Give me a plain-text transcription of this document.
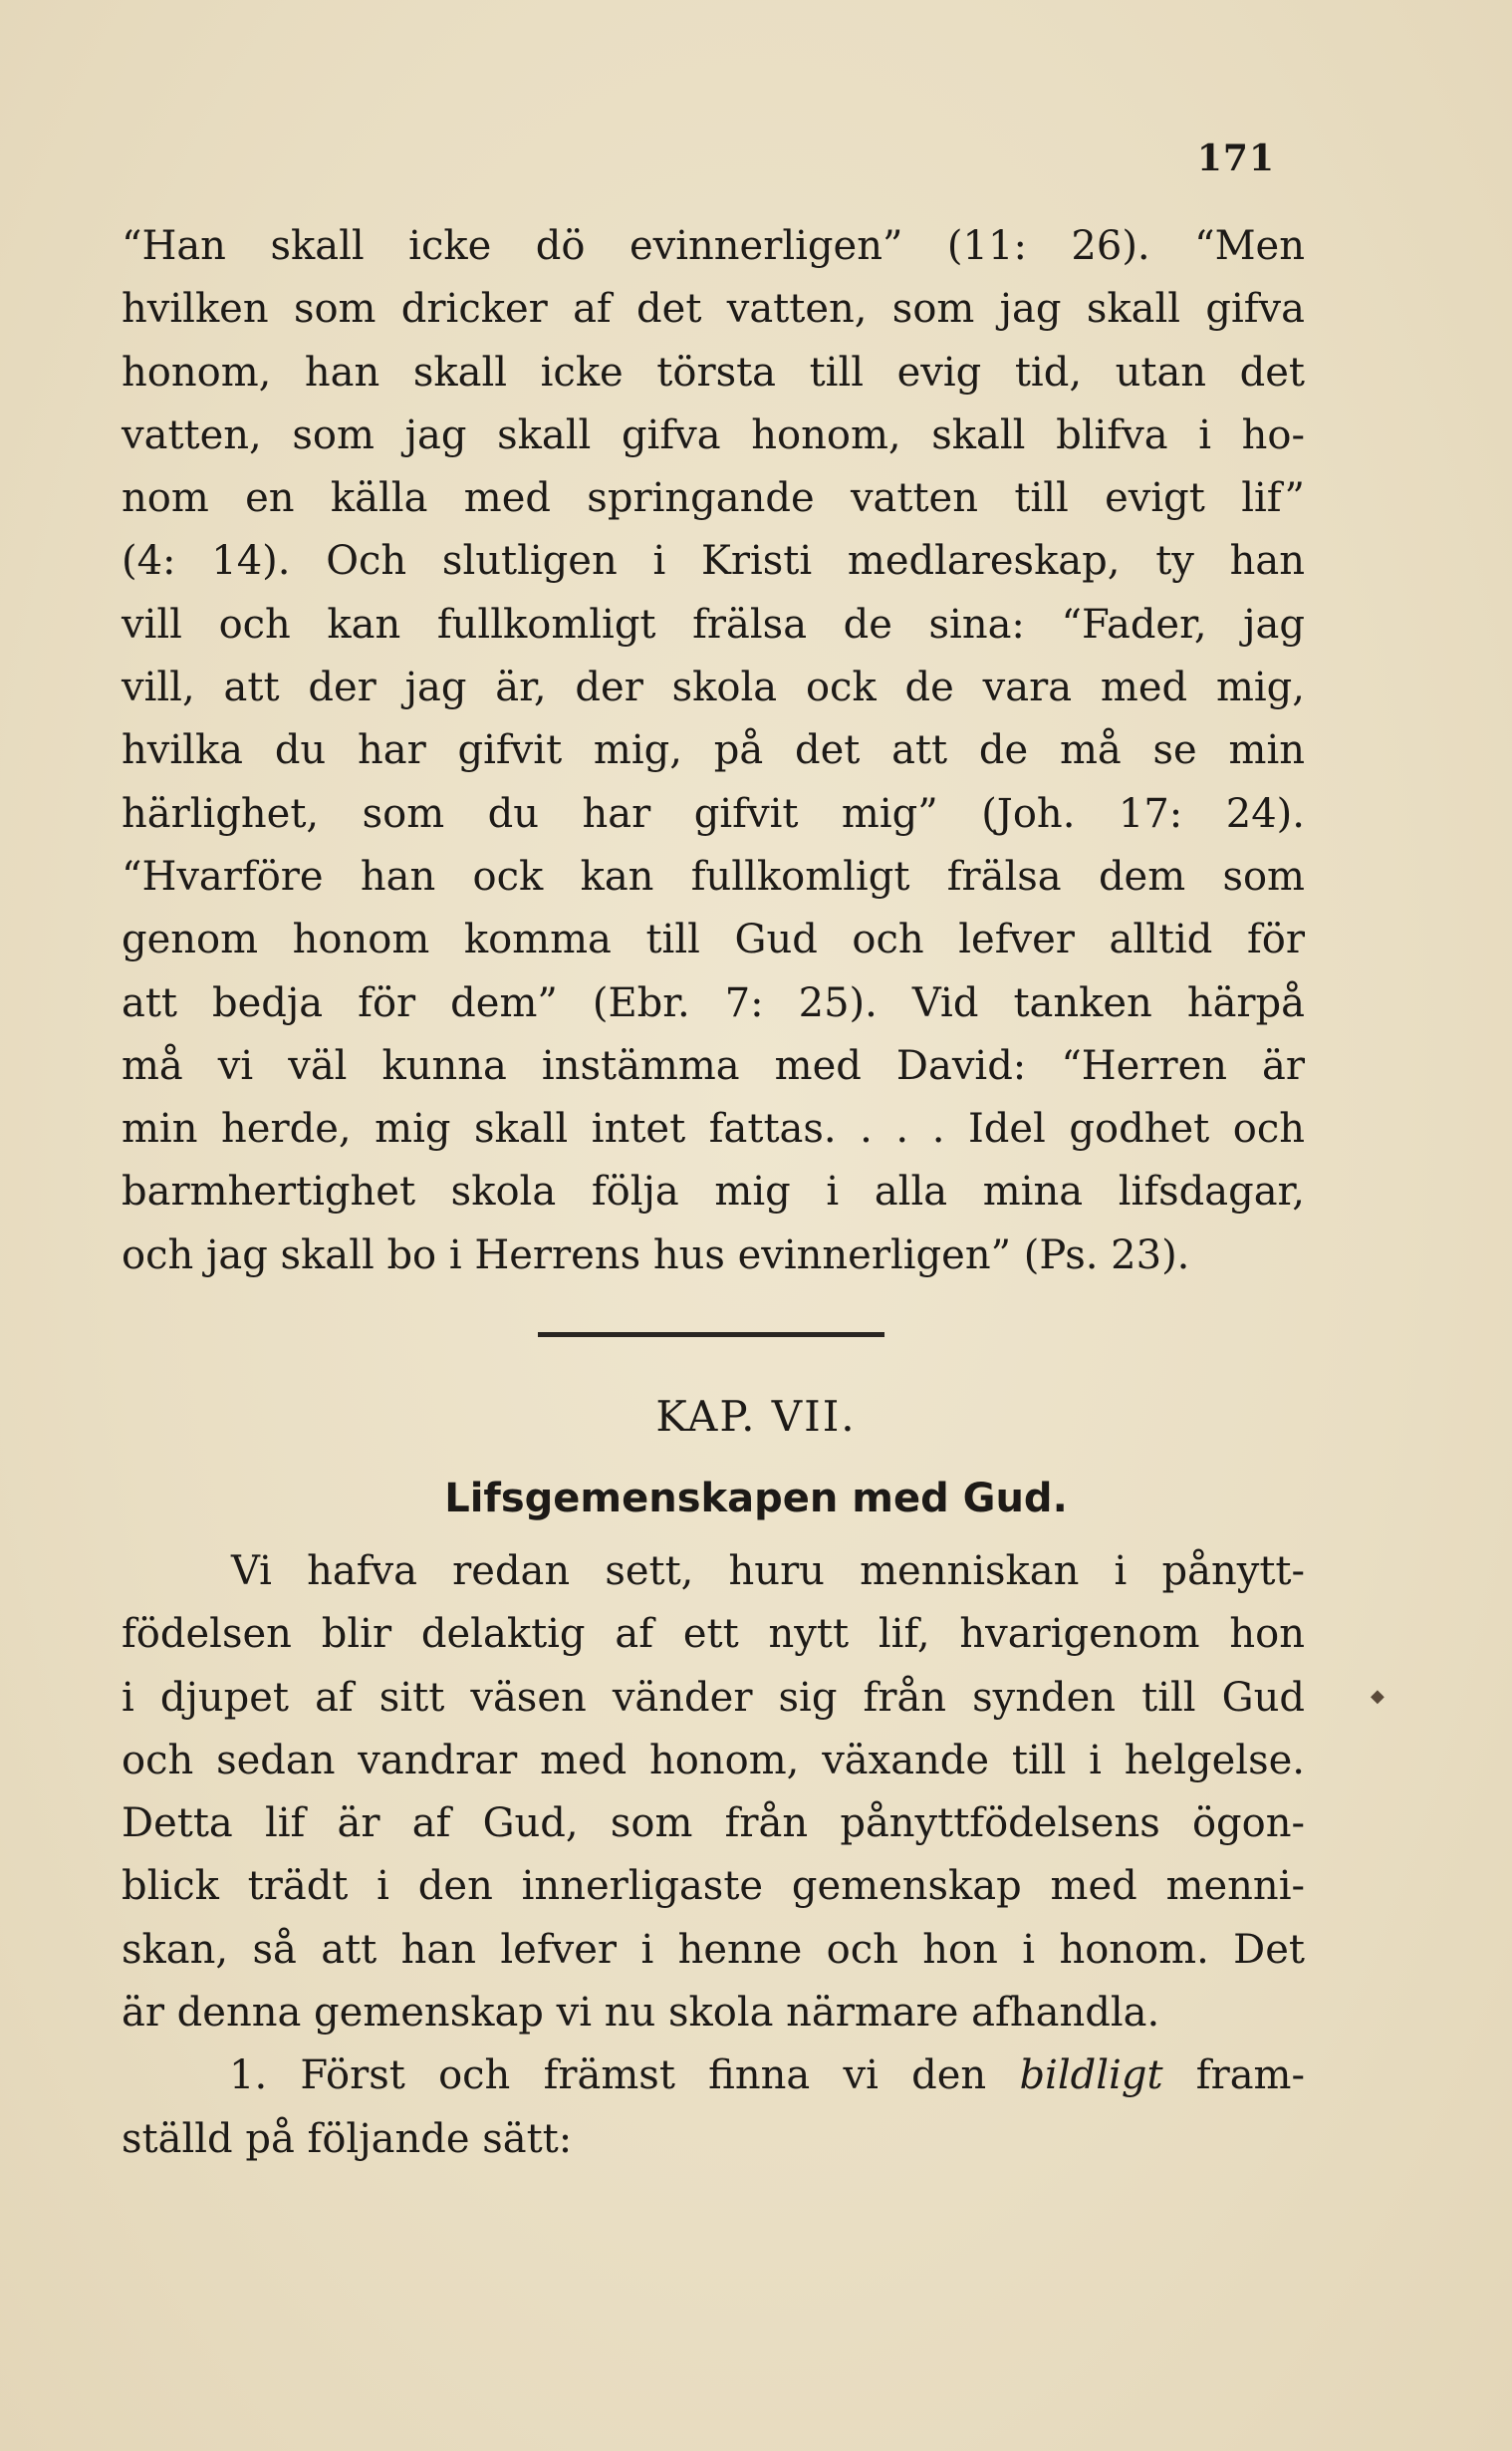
171
“Han skall icke dö evinnerligen” (11: 26). “Men
hvilken som dricker af det vatten, som jag skall gifva
honom, han skall icke törsta till evig tid, utan det
vatten, som jag skall gifva honom, skall blifva i ho-
nom en källa med springande vatten till evigt lif”
(4: 14). Och slutligen i Kristi medlareskap, ty han
vill och kan fullkomligt frälsa de sina: “Fader, jag
vill, att der jag är, der skola ock de vara med mig,
hvilka du har gifvit mig, på det att de må se min
härlighet, som du har gifvit mig” (Joh. 17: 24).
“Hvarföre han ock kan fullkomligt frälsa dem som
genom honom komma till Gud och lefver alltid för
att bedja för dem” (Ebr. 7: 25). Vid tanken härpå
må vi väl kunna instämma med David: “Herren är
min herde, mig skall intet fattas. . . . Idel godhet och
barmhertighet skola följa mig i alla mina lifsdagar,
och jag skall bo i Herrens hus evinnerligen” (Ps. 23).
KAP. VII.
Lifsgemenskapen med Gud.
Vi hafva redan sett, huru menniskan i pånytt-
födelsen blir delaktig af ett nytt lif, hvarigenom hon
i djupet af sitt väsen vänder sig från synden till Gud
och sedan vandrar med honom, växande till i helgelse.
Detta lif är af Gud, som från pånyttfödelsens ögon-
blick trädt i den innerligaste gemenskap med menni-
skan, så att han lefver i henne och hon i honom. Det
är denna gemenskap vi nu skola närmare afhandla.
1. Först och främst finna vi den bildligt fram-
ställd på följande sätt:
◆
